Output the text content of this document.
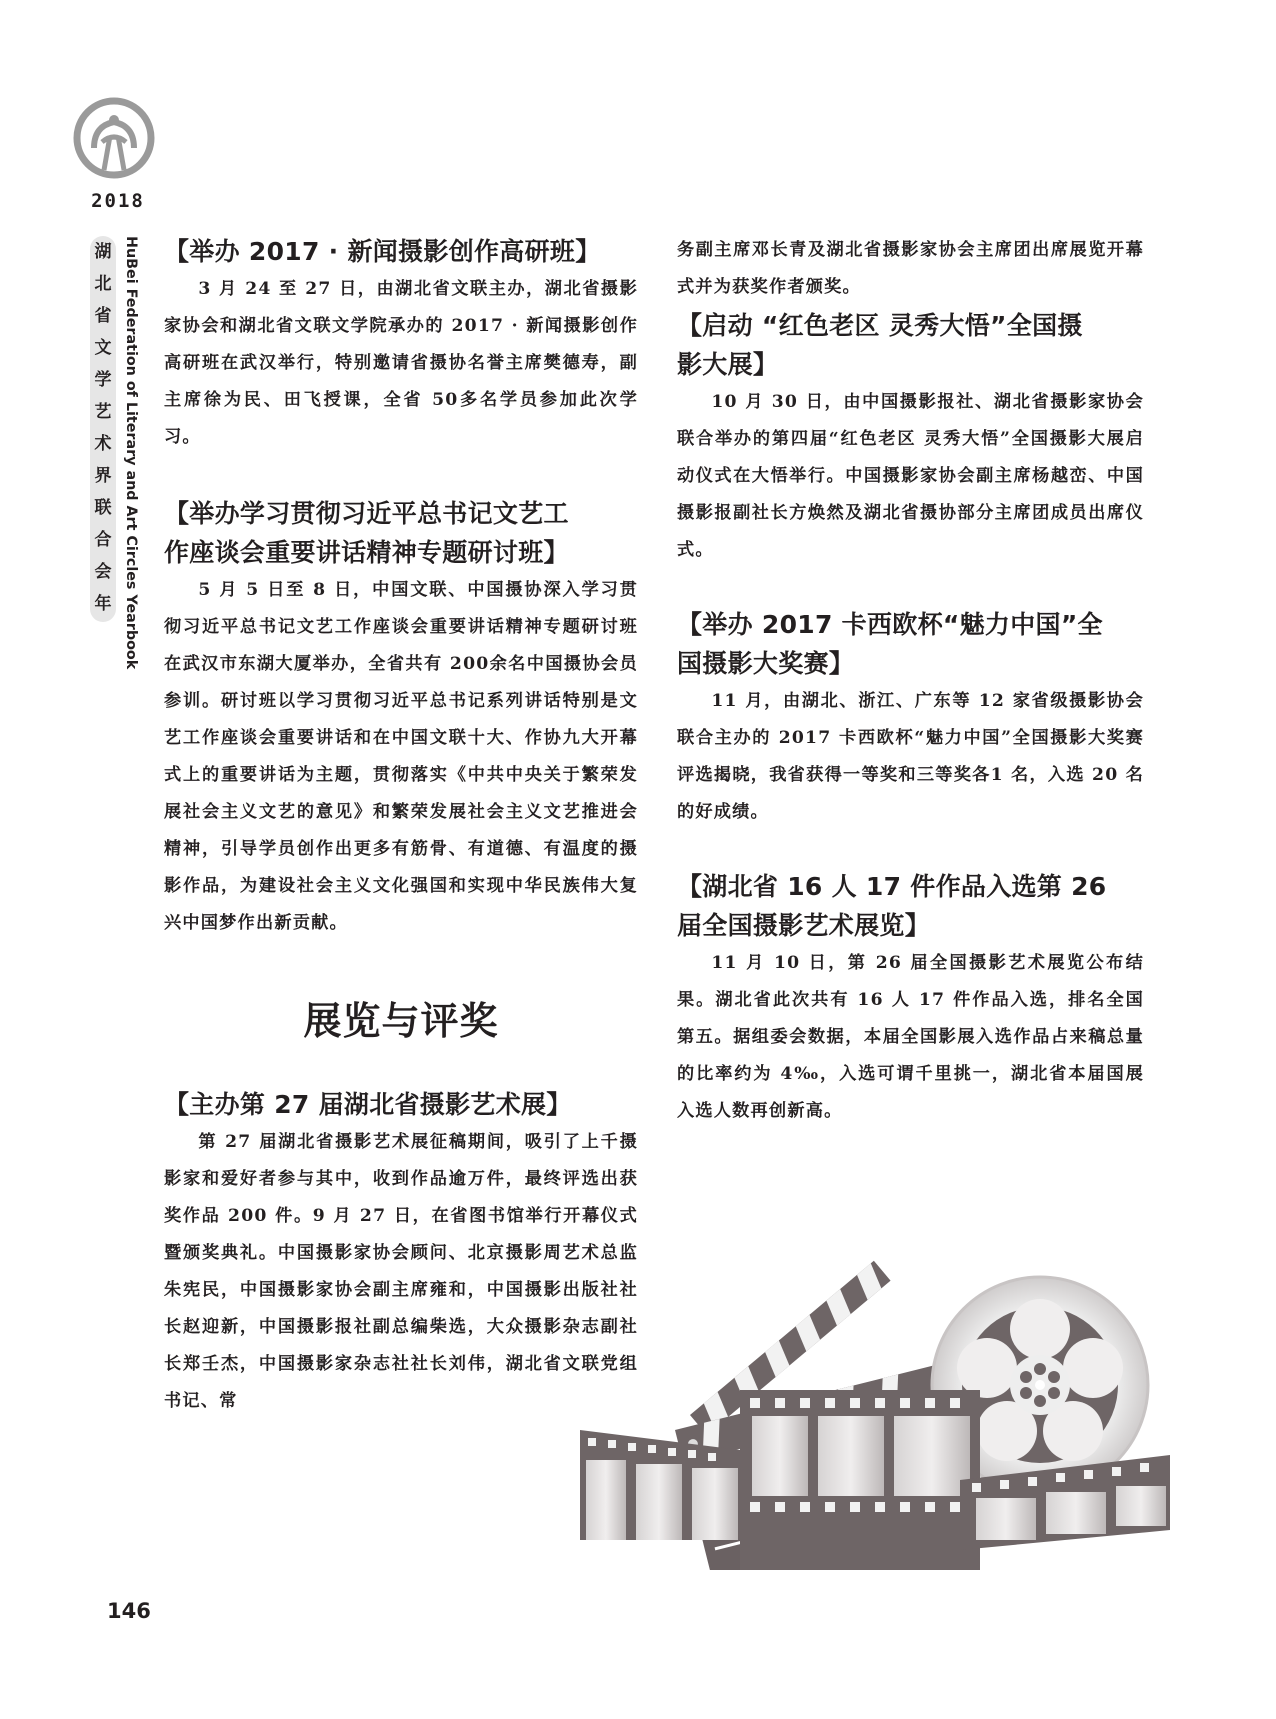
2018
湖
北
省
文
学
艺
术
界
联
合
会
年 HuBei Federation of Literary and Art Circles Yearbook 【举办 2017 · 新闻摄影创作高研班】

3 月 24 至 27 日，由湖北省文联主办，湖北省摄影家协会和湖北省文联文学院承办的 2017 · 新闻摄影创作高研班在武汉举行，特别邀请省摄协名誉主席樊德寿，副主席徐为民、田飞授课，全省 50多名学员参加此次学习。

【举办学习贯彻习近平总书记文艺工
作座谈会重要讲话精神专题研讨班】

5 月 5 日至 8 日，中国文联、中国摄协深入学习贯彻习近平总书记文艺工作座谈会重要讲话精神专题研讨班在武汉市东湖大厦举办，全省共有 200余名中国摄协会员参训。研讨班以学习贯彻习近平总书记系列讲话特别是文艺工作座谈会重要讲话和在中国文联十大、作协九大开幕式上的重要讲话为主题，贯彻落实《中共中央关于繁荣发展社会主义文艺的意见》和繁荣发展社会主义文艺推进会精神，引导学员创作出更多有筋骨、有道德、有温度的摄影作品，为建设社会主义文化强国和实现中华民族伟大复兴中国梦作出新贡献。

展览与评奖
【主办第 27 届湖北省摄影艺术展】

第 27 届湖北省摄影艺术展征稿期间，吸引了上千摄影家和爱好者参与其中，收到作品逾万件，最终评选出获奖作品 200 件。9 月 27 日，在省图书馆举行开幕仪式暨颁奖典礼。中国摄影家协会顾问、北京摄影周艺术总监朱宪民，中国摄影家协会副主席雍和，中国摄影出版社社长赵迎新，中国摄影报社副总编柴选，大众摄影杂志副社长郑壬杰，中国摄影家杂志社社长刘伟，湖北省文联党组书记、常

务副主席邓长青及湖北省摄影家协会主席团出席展览开幕式并为获奖作者颁奖。

【启动 “红色老区 灵秀大悟”全国摄
影大展】

10 月 30 日，由中国摄影报社、湖北省摄影家协会联合举办的第四届“红色老区 灵秀大悟”全国摄影大展启动仪式在大悟举行。中国摄影家协会副主席杨越峦、中国摄影报副社长方焕然及湖北省摄协部分主席团成员出席仪式。

【举办 2017 卡西欧杯“魅力中国”全
国摄影大奖赛】

11 月，由湖北、浙江、广东等 12 家省级摄影协会联合主办的 2017 卡西欧杯“魅力中国”全国摄影大奖赛评选揭晓，我省获得一等奖和三等奖各1 名，入选 20 名的好成绩。

【湖北省 16 人 17 件作品入选第 26
届全国摄影艺术展览】

11 月 10 日，第 26 届全国摄影艺术展览公布结果。湖北省此次共有 16 人 17 件作品入选，排名全国第五。据组委会数据，本届全国影展入选作品占来稿总量的比率约为 4‰，入选可谓千里挑一，湖北省本届国展入选人数再创新高。

146
